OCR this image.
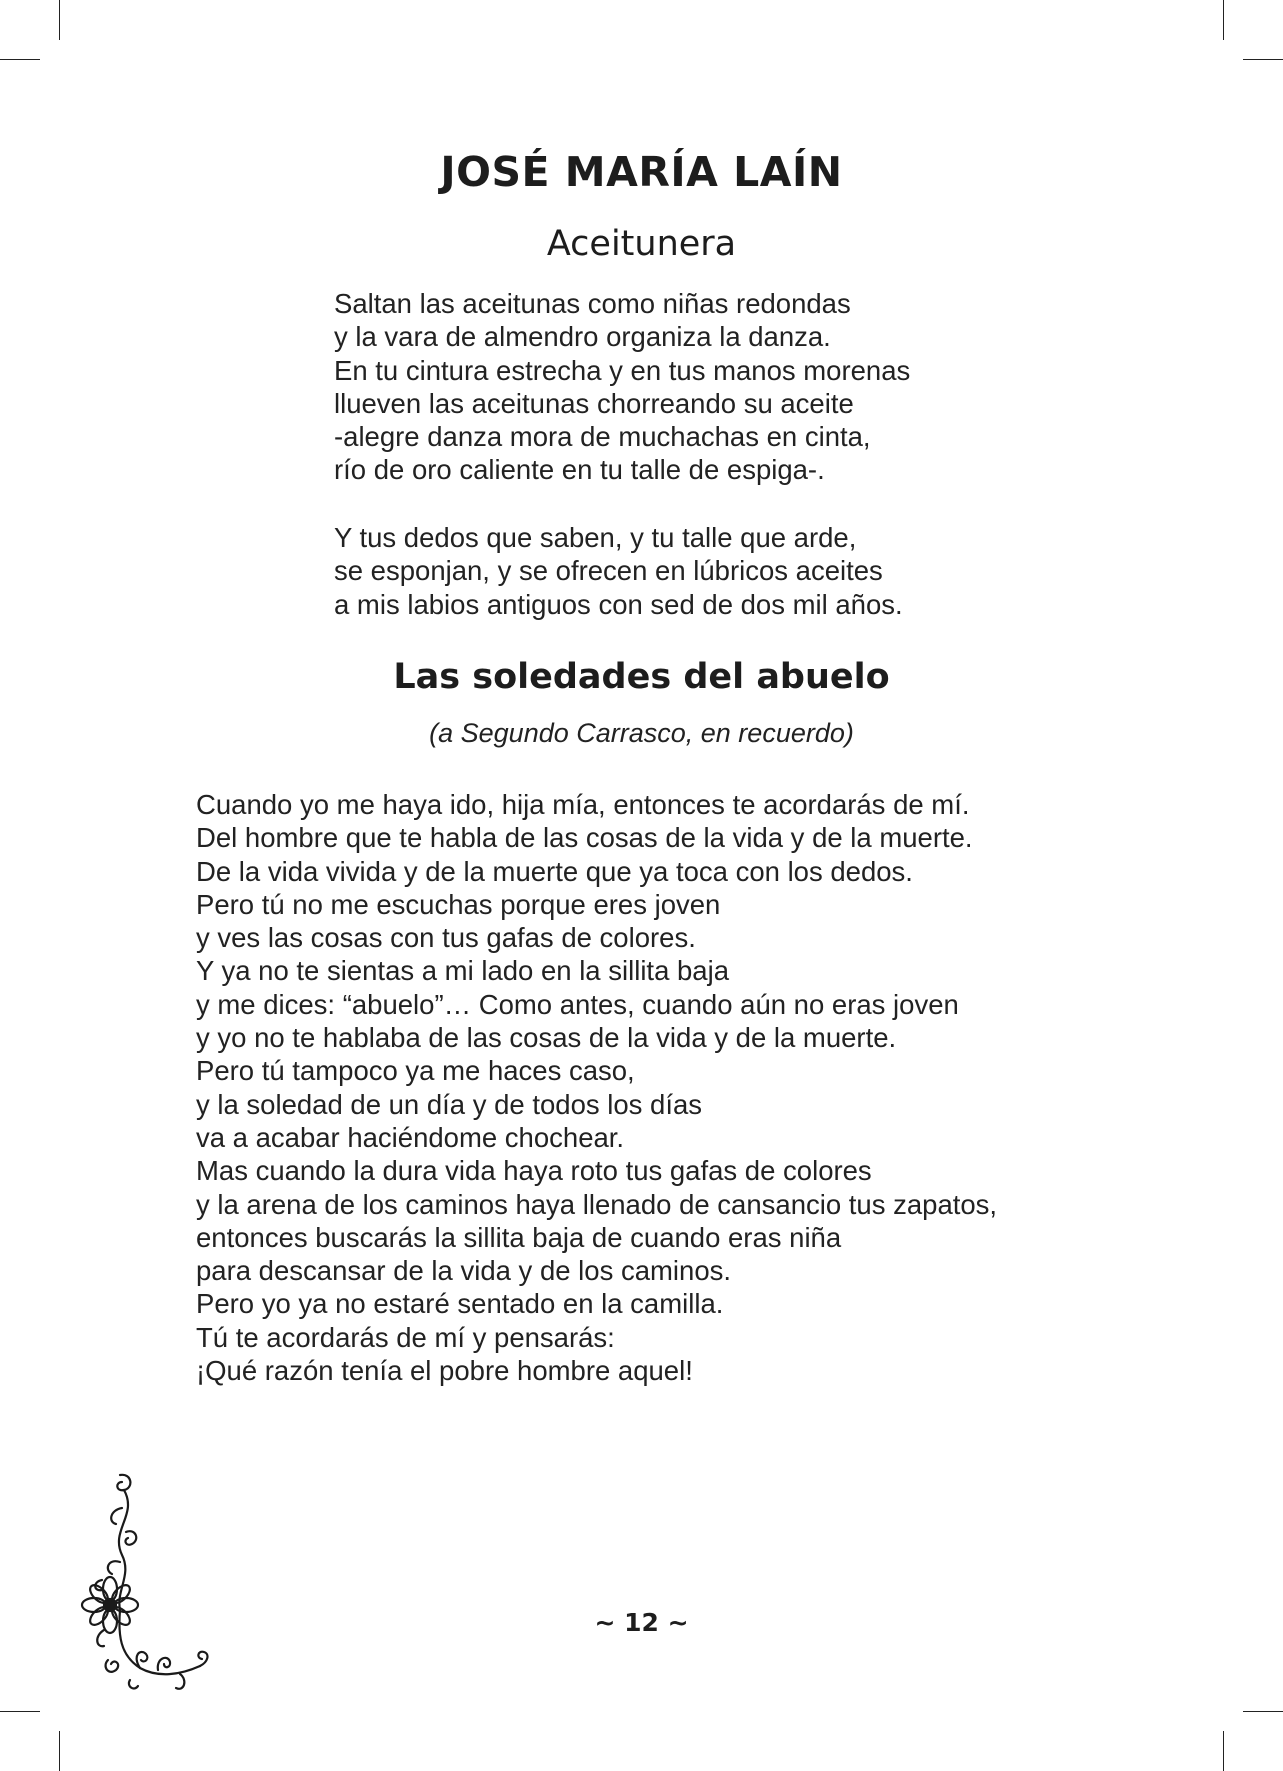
JOSÉ MARÍA LAÍN
Aceitunera
Saltan las aceitunas como niñas redondas
y la vara de almendro organiza la danza.
En tu cintura estrecha y en tus manos morenas
llueven las aceitunas chorreando su aceite
-alegre danza mora de muchachas en cinta,
río de oro caliente en tu talle de espiga-.
Y tus dedos que saben, y tu talle que arde,
se esponjan, y se ofrecen en lúbricos aceites
a mis labios antiguos con sed de dos mil años.
Las soledades del abuelo
(a Segundo Carrasco, en recuerdo)
Cuando yo me haya ido, hija mía, entonces te acordarás de mí.
Del hombre que te habla de las cosas de la vida y de la muerte.
De la vida vivida y de la muerte que ya toca con los dedos.
Pero tú no me escuchas porque eres joven
y ves las cosas con tus gafas de colores.
Y ya no te sientas a mi lado en la sillita baja
y me dices: “abuelo”… Como antes, cuando aún no eras joven
y yo no te hablaba de las cosas de la vida y de la muerte.
Pero tú tampoco ya me haces caso,
y la soledad de un día y de todos los días
va a acabar haciéndome chochear.
Mas cuando la dura vida haya roto tus gafas de colores
y la arena de los caminos haya llenado de cansancio tus zapatos,
entonces buscarás la sillita baja de cuando eras niña
para descansar de la vida y de los caminos.
Pero yo ya no estaré sentado en la camilla.
Tú te acordarás de mí y pensarás:
¡Qué razón tenía el pobre hombre aquel!
~ 12 ~
